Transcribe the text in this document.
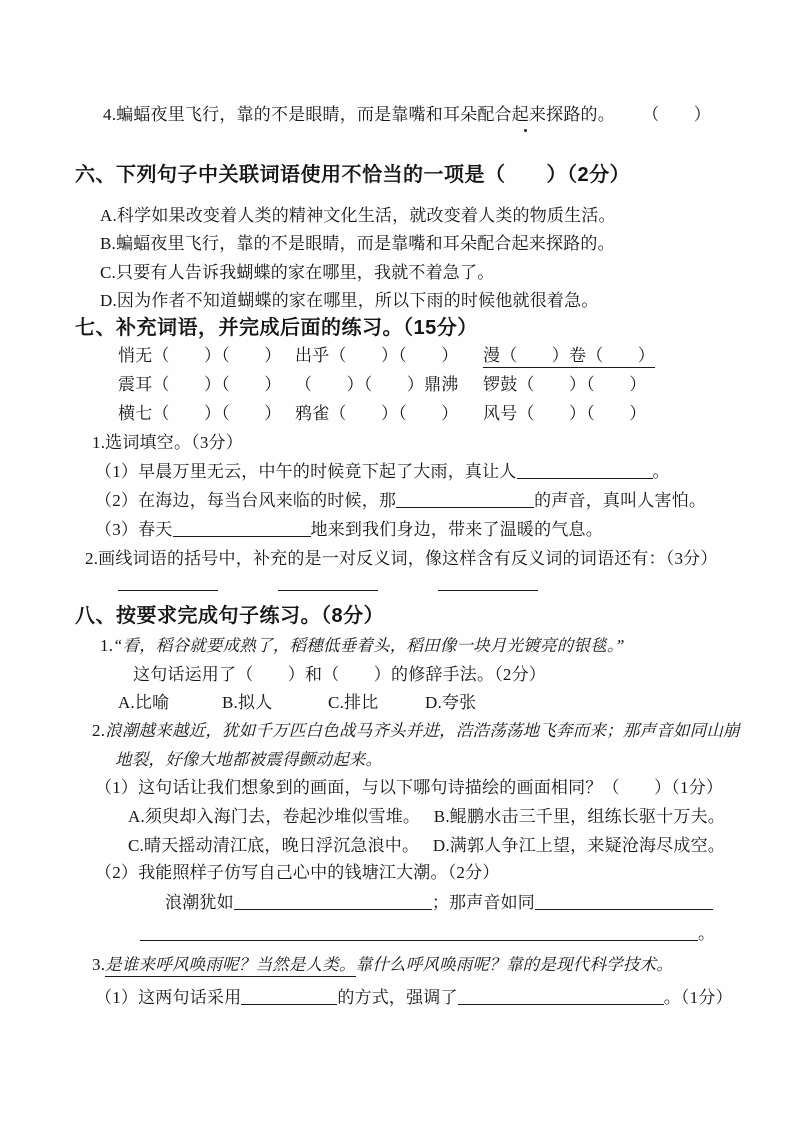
4.蝙蝠夜里飞行，靠的不是眼睛，而是靠嘴和耳朵配合起来探路的。 （　　）
六、下列句子中关联词语使用不恰当的一项是（　　）（2分）
A.科学如果改变着人类的精神文化生活，就改变着人类的物质生活。
B.蝙蝠夜里飞行，靠的不是眼睛，而是靠嘴和耳朵配合起来探路的。
C.只要有人告诉我蝴蝶的家在哪里，我就不着急了。
D.因为作者不知道蝴蝶的家在哪里，所以下雨的时候他就很着急。
七、补充词语，并完成后面的练习。（15分）
悄无（　　）（　　） 出乎（　　）（　　） 漫（　　）卷（　　）
震耳（　　）（　　） （　　）（　　）鼎沸 锣鼓（　　）（　　）
横七（　　）（　　） 鸦雀（　　）（　　） 风号（　　）（　　）
1.选词填空。（3分）
（1）早晨万里无云，中午的时候竟下起了大雨，真让人	。
（2）在海边，每当台风来临的时候，那	的声音，真叫人害怕。
（3）春天	地来到我们身边，带来了温暖的气息。
2.画线词语的括号中，补充的是一对反义词，像这样含有反义词的词语还有：（3分）
八、按要求完成句子练习。（8分）
1.“看，稻谷就要成熟了，稻穗低垂着头，稻田像一块月光镀亮的银毯。”
这句话运用了（　　）和（　　）的修辞手法。（2分）
A.比喻	B.拟人	C.排比	D.夸张
2.浪潮越来越近，犹如千万匹白色战马齐头并进，浩浩荡荡地飞奔而来；那声音如同山崩
地裂，好像大地都被震得颤动起来。
（1）这句话让我们想象到的画面，与以下哪句诗描绘的画面相同？（　　）（1分）
A.须臾却入海门去，卷起沙堆似雪堆。 B.鲲鹏水击三千里，组练长驱十万夫。
C.晴天摇动清江底，晚日浮沉急浪中。 D.满郭人争江上望，来疑沧海尽成空。
（2）我能照样子仿写自己心中的钱塘江大潮。（2分）
浪潮犹如	；那声音如同
。
3.是谁来呼风唤雨呢？当然是人类。靠什么呼风唤雨呢？靠的是现代科学技术。
（1）这两句话采用	的方式，强调了	。（1分）
